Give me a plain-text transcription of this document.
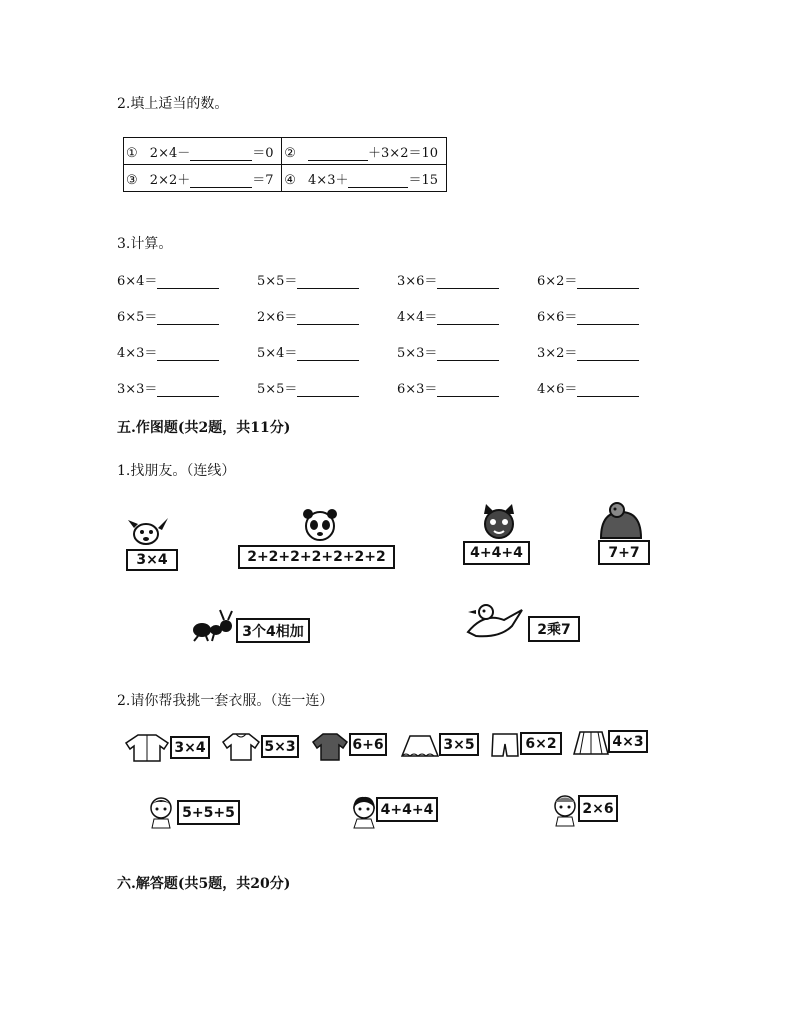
2.填上适当的数。
① 2×4－ ＝0	② ＋3×2＝10
③ 2×2＋ ＝7	④ 4×3＋ ＝15
3.计算。
6×4＝	5×5＝	3×6＝	6×2＝
6×5＝	2×6＝	4×4＝	6×6＝
4×3＝	5×4＝	5×3＝	3×2＝
3×3＝	5×5＝	6×3＝	4×6＝
五.作图题(共2题，共11分)
1.找朋友。（连线）
3×4	2+2+2+2+2+2+2	4+4+4	7+7
3个4相加	2乘7
2.请你帮我挑一套衣服。（连一连）
3×4	5×3	6+6	3×5	6×2	4×3
5+5+5	4+4+4	2×6
六.解答题(共5题，共20分)
